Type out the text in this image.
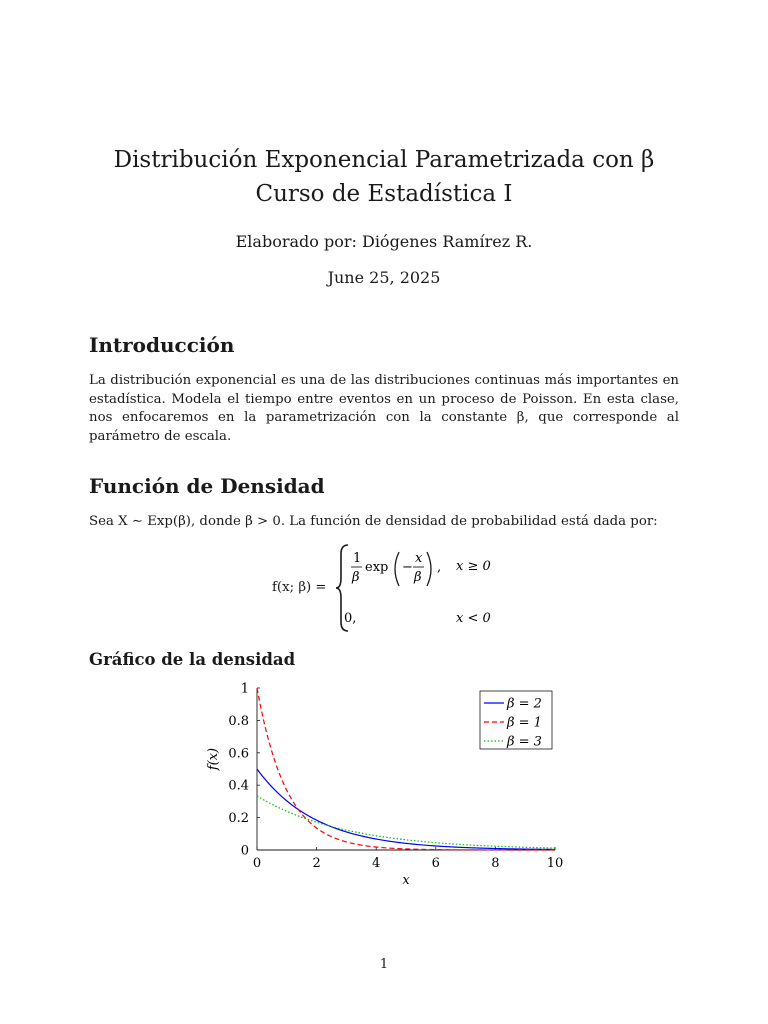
Distribución Exponencial Parametrizada con β
Curso de Estadística I
Elaborado por: Diógenes Ramírez R.
June 25, 2025
Introducción
La distribución exponencial es una de las distribuciones continuas más importantes en estadística. Modela el tiempo entre eventos en un proceso de Poisson. En esta clase, nos enfocaremos en la parametrización con la constante β, que corresponde al parámetro de escala.
Función de Densidad
Sea X ∼ Exp(β), donde β > 0. La función de densidad de probabilidad está dada por:
f(x; β) =
1
β
exp −
x
β
, x ≥ 0
0,	x < 0
Gráfico de la densidad
0	2	4	6	8	10
0
0.2
0.4
0.6
0.8
1
β = 2
β = 1
β = 3
x
f(x)
1
